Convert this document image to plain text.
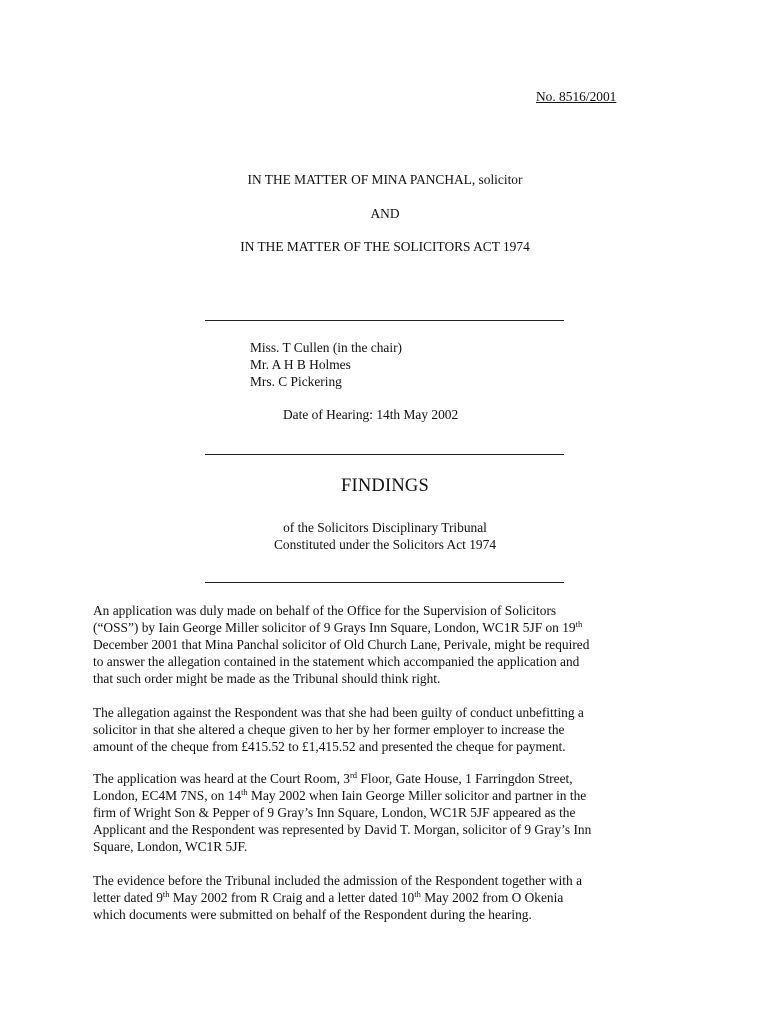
No. 8516/2001
IN THE MATTER OF MINA PANCHAL, solicitor
AND
IN THE MATTER OF THE SOLICITORS ACT 1974
Miss. T Cullen (in the chair)
Mr. A H B Holmes
Mrs. C Pickering
Date of Hearing: 14th May 2002
FINDINGS
of the Solicitors Disciplinary Tribunal
Constituted under the Solicitors Act 1974
An application was duly made on behalf of the Office for the Supervision of Solicitors
(“OSS”) by Iain George Miller solicitor of 9 Grays Inn Square, London, WC1R 5JF on 19th
December 2001 that Mina Panchal solicitor of Old Church Lane, Perivale, might be required
to answer the allegation contained in the statement which accompanied the application and
that such order might be made as the Tribunal should think right.
The allegation against the Respondent was that she had been guilty of conduct unbefitting a
solicitor in that she altered a cheque given to her by her former employer to increase the
amount of the cheque from £415.52 to £1,415.52 and presented the cheque for payment.
The application was heard at the Court Room, 3rd Floor, Gate House, 1 Farringdon Street,
London, EC4M 7NS, on 14th May 2002 when Iain George Miller solicitor and partner in the
firm of Wright Son & Pepper of 9 Gray’s Inn Square, London, WC1R 5JF appeared as the
Applicant and the Respondent was represented by David T. Morgan, solicitor of 9 Gray’s Inn
Square, London, WC1R 5JF.
The evidence before the Tribunal included the admission of the Respondent together with a
letter dated 9th May 2002 from R Craig and a letter dated 10th May 2002 from O Okenia
which documents were submitted on behalf of the Respondent during the hearing.
